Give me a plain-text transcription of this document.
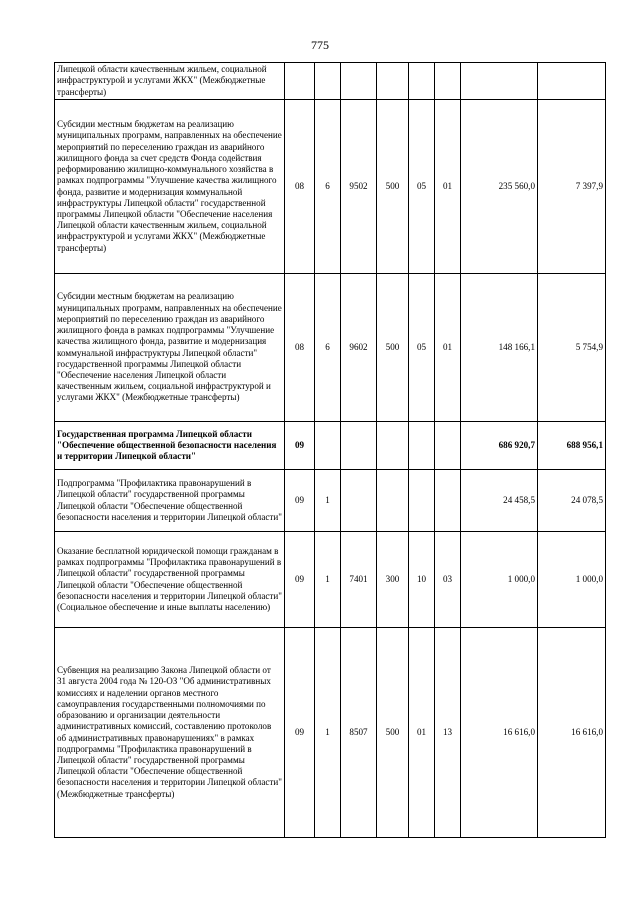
775
Липецкой области качественным жильем, социальной инфраструктурой и услугами ЖКХ" (Межбюджетные трансферты)								
Субсидии местным бюджетам на реализацию муниципальных программ, направленных на обеспечение мероприятий по переселению граждан из аварийного жилищного фонда за счет средств Фонда содействия реформированию жилищно-коммунального хозяйства в рамках подпрограммы "Улучшение качества жилищного фонда, развитие и модернизация коммунальной инфраструктуры Липецкой области" государственной программы Липецкой области "Обеспечение населения Липецкой области качественным жильем, социальной инфраструктурой и услугами ЖКХ" (Межбюджетные трансферты)	08	6	9502	500	05	01	235 560,0	7 397,9
Субсидии местным бюджетам на реализацию муниципальных программ, направленных на обеспечение мероприятий по переселению граждан из аварийного жилищного фонда в рамках подпрограммы "Улучшение качества жилищного фонда, развитие и модернизация коммунальной инфраструктуры Липецкой области" государственной программы Липецкой области "Обеспечение населения Липецкой области качественным жильем, социальной инфраструктурой и услугами ЖКХ" (Межбюджетные трансферты)	08	6	9602	500	05	01	148 166,1	5 754,9
Государственная программа Липецкой области "Обеспечение общественной безопасности населения и территории Липецкой области"	09						686 920,7	688 956,1
Подпрограмма "Профилактика правонарушений в Липецкой области" государственной программы Липецкой области "Обеспечение общественной безопасности населения и территории Липецкой области"	09	1					24 458,5	24 078,5
Оказание бесплатной юридической помощи гражданам в рамках подпрограммы "Профилактика правонарушений в Липецкой области" государственной программы Липецкой области "Обеспечение общественной безопасности населения и территории Липецкой области" (Социальное обеспечение и иные выплаты населению)	09	1	7401	300	10	03	1 000,0	1 000,0
Субвенция на реализацию Закона Липецкой области от 31 августа 2004 года № 120-ОЗ "Об административных комиссиях и наделении органов местного самоуправления государственными полномочиями по образованию и организации деятельности административных комиссий, составлению протоколов об административных правонарушениях" в рамках подпрограммы "Профилактика правонарушений в Липецкой области" государственной программы Липецкой области "Обеспечение общественной безопасности населения и территории Липецкой области" (Межбюджетные трансферты)	09	1	8507	500	01	13	16 616,0	16 616,0
